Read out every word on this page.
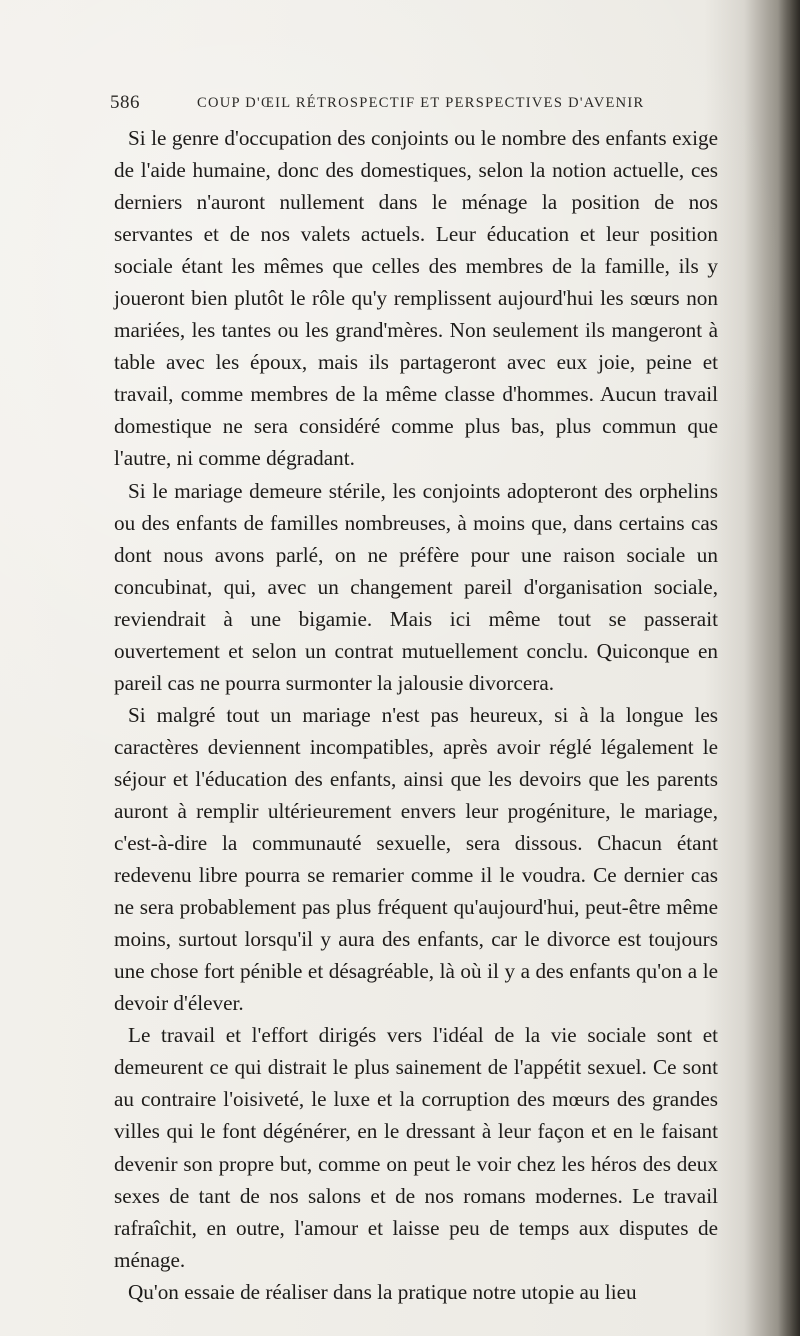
586	COUP D'ŒIL RÉTROSPECTIF ET PERSPECTIVES D'AVENIR

Si le genre d'occupation des conjoints ou le nombre des enfants exige de l'aide humaine, donc des domestiques, selon la notion actuelle, ces derniers n'auront nullement dans le ménage la position de nos servantes et de nos valets actuels. Leur éducation et leur position sociale étant les mêmes que celles des membres de la famille, ils y joueront bien plutôt le rôle qu'y remplissent aujourd'hui les sœurs non mariées, les tantes ou les grand'mères. Non seulement ils mangeront à table avec les époux, mais ils partageront avec eux joie, peine et travail, comme membres de la même classe d'hommes. Aucun travail domestique ne sera considéré comme plus bas, plus commun que l'autre, ni comme dégradant.

Si le mariage demeure stérile, les conjoints adopteront des orphelins ou des enfants de familles nombreuses, à moins que, dans certains cas dont nous avons parlé, on ne préfère pour une raison sociale un concubinat, qui, avec un changement pareil d'organisation sociale, reviendrait à une bigamie. Mais ici même tout se passerait ouvertement et selon un contrat mutuellement conclu. Quiconque en pareil cas ne pourra surmonter la jalousie divorcera.

Si malgré tout un mariage n'est pas heureux, si à la longue les caractères deviennent incompatibles, après avoir réglé légalement le séjour et l'éducation des enfants, ainsi que les devoirs que les parents auront à remplir ultérieurement envers leur progéniture, le mariage, c'est-à-dire la communauté sexuelle, sera dissous. Chacun étant redevenu libre pourra se remarier comme il le voudra. Ce dernier cas ne sera probablement pas plus fréquent qu'aujourd'hui, peut-être même moins, surtout lorsqu'il y aura des enfants, car le divorce est toujours une chose fort pénible et désagréable, là où il y a des enfants qu'on a le devoir d'élever.

Le travail et l'effort dirigés vers l'idéal de la vie sociale sont et demeurent ce qui distrait le plus sainement de l'appétit sexuel. Ce sont au contraire l'oisiveté, le luxe et la corruption des mœurs des grandes villes qui le font dégénérer, en le dressant à leur façon et en le faisant devenir son propre but, comme on peut le voir chez les héros des deux sexes de tant de nos salons et de nos romans modernes. Le travail rafraîchit, en outre, l'amour et laisse peu de temps aux disputes de ménage.

Qu'on essaie de réaliser dans la pratique notre utopie au lieu
